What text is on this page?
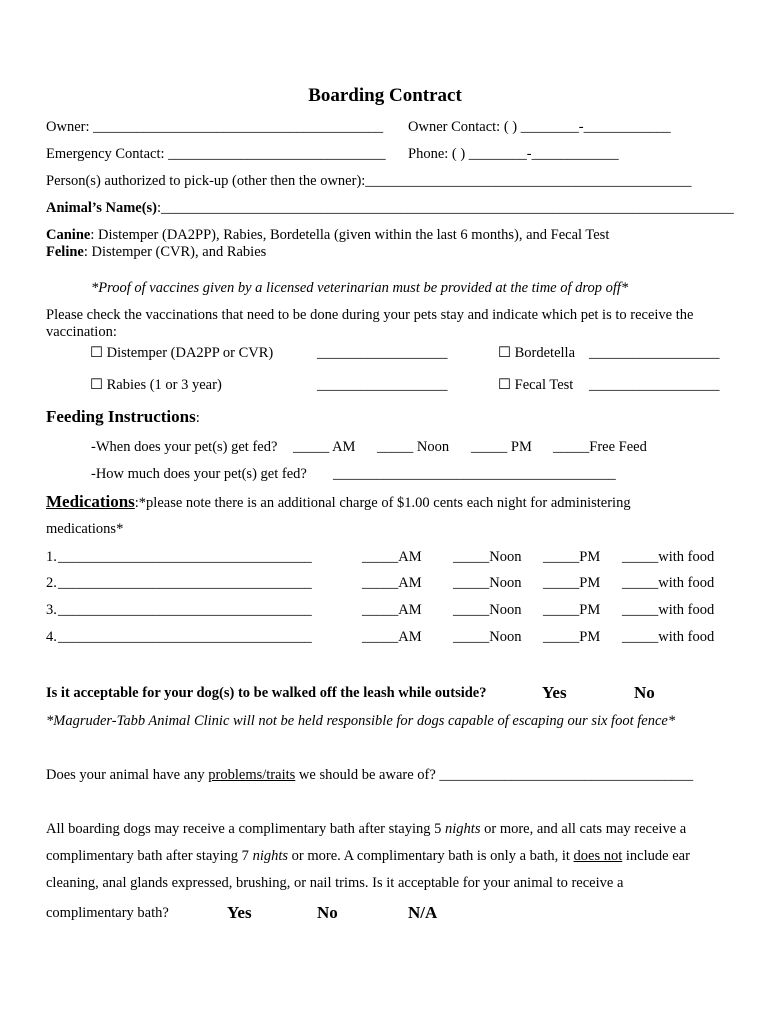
Boarding Contract
Owner: ________________________________________ Owner Contact: ( ) ________-____________
Emergency Contact: ______________________________ Phone: ( ) ________-____________
Person(s) authorized to pick-up (other then the owner):_____________________________________________
Animal’s Name(s):_______________________________________________________________________________
Canine: Distemper (DA2PP), Rabies, Bordetella (given within the last 6 months), and Fecal Test
Feline: Distemper (CVR), and Rabies
*Proof of vaccines given by a licensed veterinarian must be provided at the time of drop off*
Please check the vaccinations that need to be done during your pets stay and indicate which pet is to receive the
vaccination:
☐ Distemper (DA2PP or CVR)	__________________	☐ Bordetella __________________
☐ Rabies (1 or 3 year)	__________________	☐ Fecal Test __________________
Feeding Instructions:
-When does your pet(s) get fed? _____ AM _____ Noon _____ PM _____Free Feed
-How much does your pet(s) get fed? _______________________________________
Medications:*please note there is an additional charge of $1.00 cents each night for administering
medications*
1. ___________________________________	_____AM _____Noon _____PM _____with food
2. ___________________________________	_____AM _____Noon _____PM _____with food
3. ___________________________________	_____AM _____Noon _____PM _____with food
4. ___________________________________	_____AM _____Noon _____PM _____with food
Is it acceptable for your dog(s) to be walked off the leash while outside?	Yes	No
*Magruder-Tabb Animal Clinic will not be held responsible for dogs capable of escaping our six foot fence*
Does your animal have any problems/traits we should be aware of? ___________________________________
All boarding dogs may receive a complimentary bath after staying 5 nights or more, and all cats may receive a
complimentary bath after staying 7 nights or more. A complimentary bath is only a bath, it does not include ear
cleaning, anal glands expressed, brushing, or nail trims. Is it acceptable for your animal to receive a
complimentary bath?	Yes	No	N/A
